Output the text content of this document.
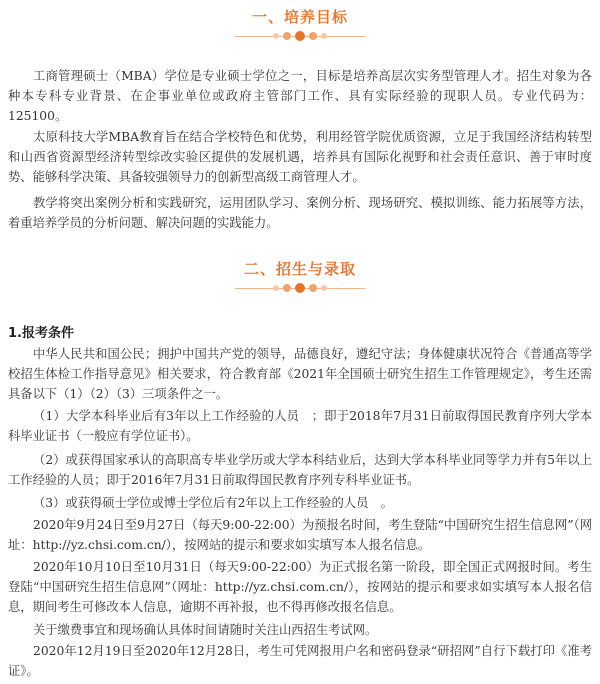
一、培养目标

工商管理硕士（MBA）学位是专业硕士学位之一，目标是培养高层次实务型管理人才。招生对象为各种本专科专业背景、在企事业单位或政府主管部门工作、具有实际经验的现职人员。专业代码为：125100。

太原科技大学MBA教育旨在结合学校特色和优势，利用经管学院优质资源，立足于我国经济结构转型和山西省资源型经济转型综改实验区提供的发展机遇，培养具有国际化视野和社会责任意识、善于审时度势、能够科学决策、具备较强领导力的创新型高级工商管理人才。

教学将突出案例分析和实践研究，运用团队学习、案例分析、现场研究、模拟训练、能力拓展等方法，着重培养学员的分析问题、解决问题的实践能力。

二、招生与录取
1.报考条件

中华人民共和国公民；拥护中国共产党的领导，品德良好，遵纪守法；身体健康状况符合《普通高等学校招生体检工作指导意见》相关要求，符合教育部《2021年全国硕士研究生招生工作管理规定》，考生还需具备以下（1）（2）（3）三项条件之一。

（1）大学本科毕业后有3年以上工作经验的人员　；即于2018年7月31日前取得国民教育序列大学本科毕业证书（一般应有学位证书）。

（2）或获得国家承认的高职高专毕业学历或大学本科结业后，达到大学本科毕业同等学力并有5年以上工作经验的人员；即于2016年7月31日前取得国民教育序列专科毕业证书。

（3）或获得硕士学位或博士学位后有2年以上工作经验的人员　。

2020年9月24日至9月27日（每天9:00-22:00）为预报名时间，考生登陆“中国研究生招生信息网”（网址：http://yz.chsi.com.cn/），按网站的提示和要求如实填写本人报名信息。

2020年10月10日至10月31日（每天9:00-22:00）为正式报名第一阶段，即全国正式网报时间。考生登陆“中国研究生招生信息网”（网址：http://yz.chsi.com.cn/），按网站的提示和要求如实填写本人报名信息，期间考生可修改本人信息，逾期不再补报，也不得再修改报名信息。

关于缴费事宜和现场确认具体时间请随时关注山西招生考试网。

2020年12月19日至2020年12月28日，考生可凭网报用户名和密码登录“研招网”自行下载打印《准考证》。
